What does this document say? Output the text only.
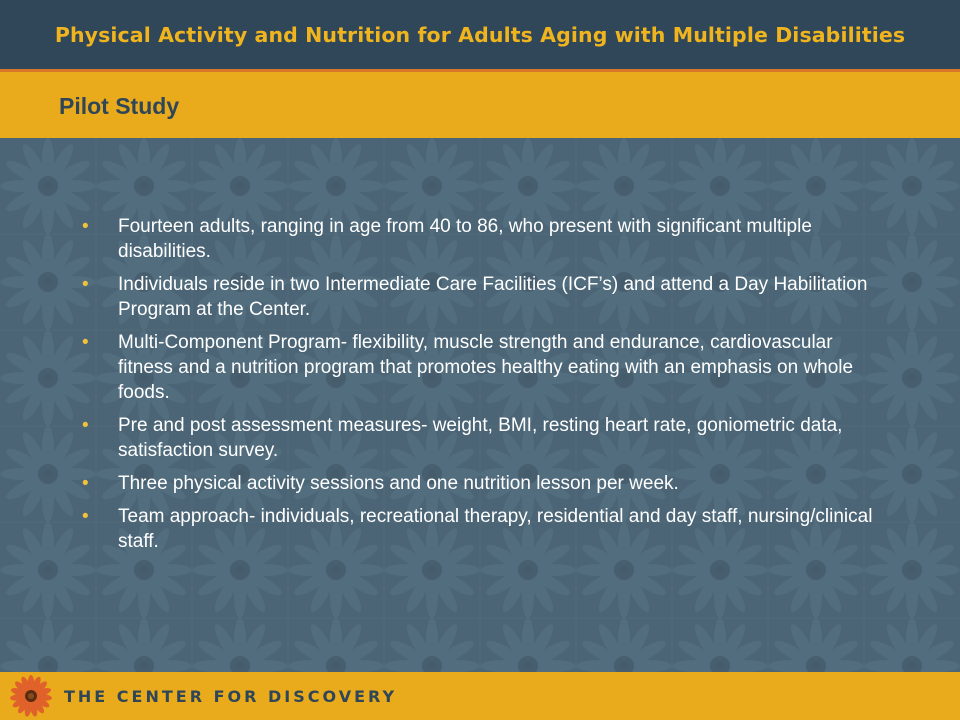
Physical Activity and Nutrition for Adults Aging with Multiple Disabilities
Pilot Study
• Fourteen adults, ranging in age from 40 to 86, who present with significant multiple disabilities.
• Individuals reside in two Intermediate Care Facilities (ICF’s) and attend a Day Habilitation Program at the Center.
• Multi-Component Program- flexibility, muscle strength and endurance, cardiovascular fitness and a nutrition program that promotes healthy eating with an emphasis on whole foods.
• Pre and post assessment measures- weight, BMI, resting heart rate, goniometric data, satisfaction survey.
• Three physical activity sessions and one nutrition lesson per week.
• Team approach- individuals, recreational therapy, residential and day staff, nursing/clinical staff.
THE CENTER FOR DISCOVERY
